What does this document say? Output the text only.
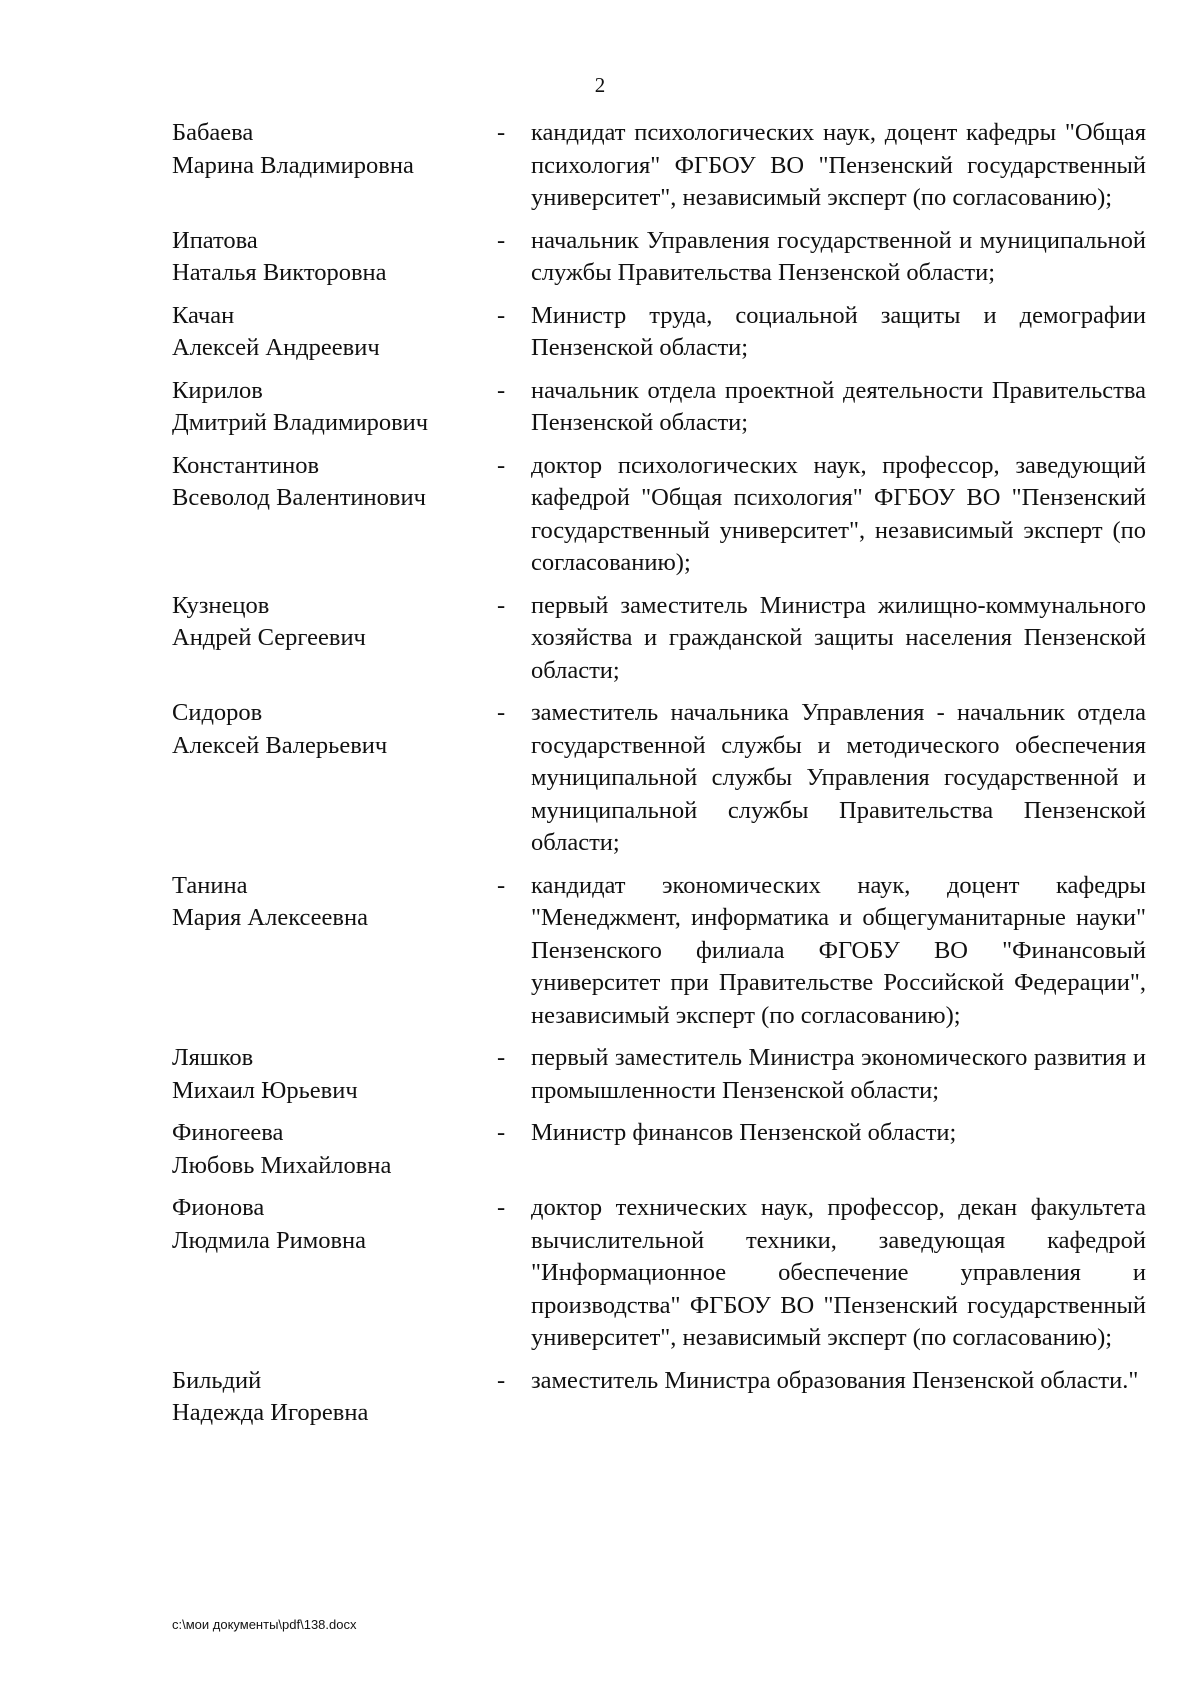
2
Бабаева
Марина Владимировна
-	кандидат психологических наук, доцент кафедры "Общая психология" ФГБОУ ВО "Пензенский государственный университет", независимый эксперт (по согласованию);
Ипатова
Наталья Викторовна
-	начальник Управления государственной и муниципальной службы Правительства Пензенской области;
Качан
Алексей Андреевич
-	Министр труда, социальной защиты и демографии Пензенской области;
Кирилов
Дмитрий Владимирович
-	начальник отдела проектной деятельности Правительства Пензенской области;
Константинов
Всеволод Валентинович
-	доктор психологических наук, профессор, заведующий кафедрой "Общая психология" ФГБОУ ВО "Пензенский государственный университет", независимый эксперт (по согласованию);
Кузнецов
Андрей Сергеевич
-	первый заместитель Министра жилищно-коммунального хозяйства и гражданской защиты населения Пензенской области;
Сидоров
Алексей Валерьевич
-	заместитель начальника Управления - начальник отдела государственной службы и методического обеспечения муниципальной службы Управления государственной и муниципальной службы Правительства Пензенской области;
Танина
Мария Алексеевна
-	кандидат экономических наук, доцент кафедры "Менеджмент, информатика и общегуманитарные науки" Пензенского филиала ФГОБУ ВО "Финансовый университет при Правительстве Российской Федерации", независимый эксперт (по согласованию);
Ляшков
Михаил Юрьевич
-	первый заместитель Министра экономического развития и промышленности Пензенской области;
Финогеева
Любовь Михайловна
-	Министр финансов Пензенской области;
Фионова
Людмила Римовна
-	доктор технических наук, профессор, декан факультета вычислительной техники, заведующая кафедрой "Информационное обеспечение управления и производства" ФГБОУ ВО "Пензенский государственный университет", независимый эксперт (по согласованию);
Бильдий
Надежда Игоревна
-	заместитель Министра образования Пензенской области."
c:\мои документы\pdf\138.docx
